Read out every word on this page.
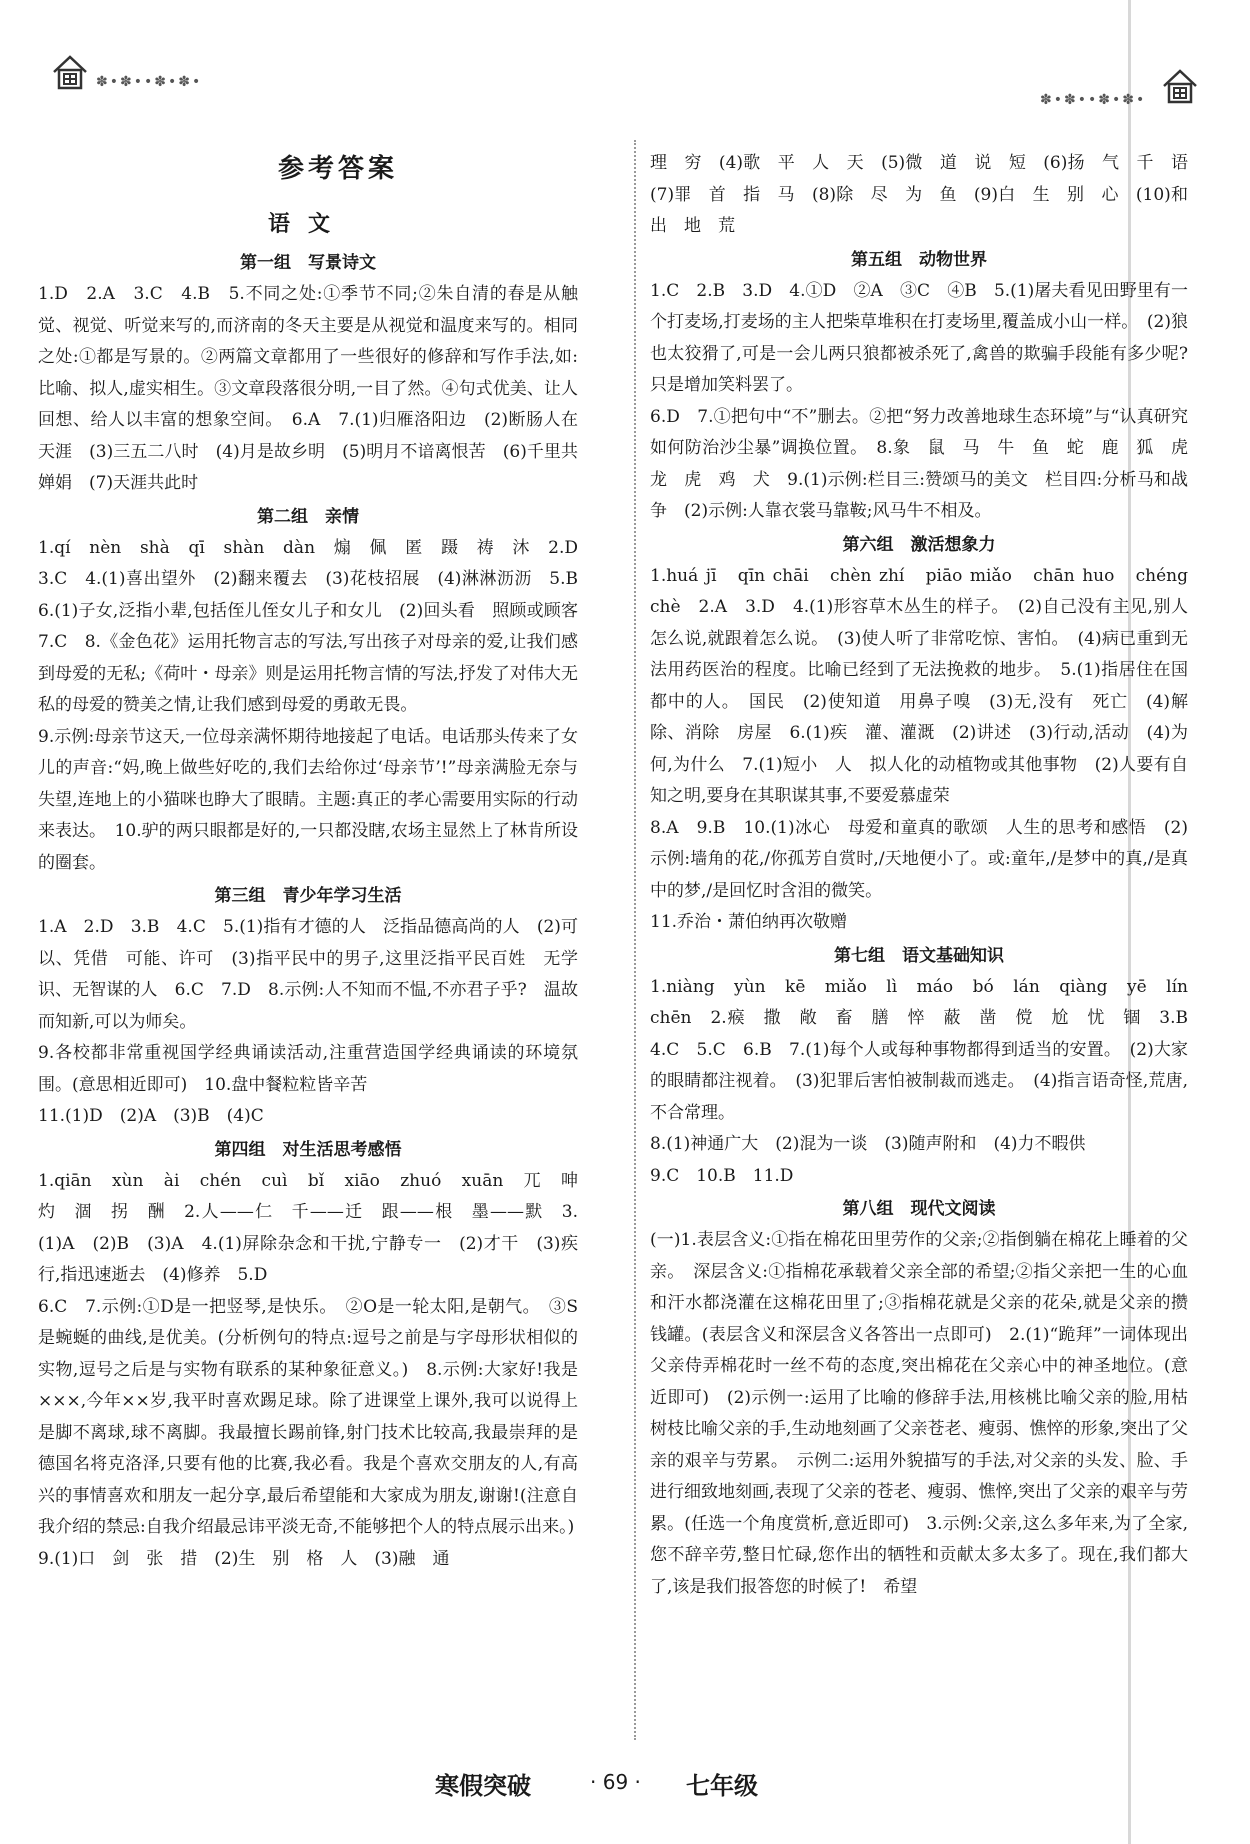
✽•✽••✽•✽•
✽•✽••✽•✽•
参考答案
语文
第一组　写景诗文
1.D　2.A　3.C　4.B　5.不同之处:①季节不同;②朱自清的春是从触觉、视觉、听觉来写的,而济南的冬天主要是从视觉和温度来写的。相同之处:①都是写景的。②两篇文章都用了一些很好的修辞和写作手法,如:比喻、拟人,虚实相生。③文章段落很分明,一目了然。④句式优美、让人回想、给人以丰富的想象空间。　6.A　7.(1)归雁洛阳边　(2)断肠人在天涯　(3)三五二八时　(4)月是故乡明　(5)明月不谙离恨苦　(6)千里共婵娟　(7)天涯共此时
第二组　亲情
1.qí　nèn　shà　qī　shàn　dàn　煽　佩　匿　蹑　祷　沐　2.D　3.C　4.(1)喜出望外　(2)翻来覆去　(3)花枝招展　(4)淋淋沥沥　5.B　6.(1)子女,泛指小辈,包括侄儿侄女儿子和女儿　(2)回头看　照顾或顾客　7.C　8.《金色花》运用托物言志的写法,写出孩子对母亲的爱,让我们感到母爱的无私;《荷叶・母亲》则是运用托物言情的写法,抒发了对伟大无私的母爱的赞美之情,让我们感到母爱的勇敢无畏。
9.示例:母亲节这天,一位母亲满怀期待地接起了电话。电话那头传来了女儿的声音:“妈,晚上做些好吃的,我们去给你过‘母亲节’!”母亲满脸无奈与失望,连地上的小猫咪也睁大了眼睛。主题:真正的孝心需要用实际的行动来表达。　10.驴的两只眼都是好的,一只都没瞎,农场主显然上了林肯所设的圈套。
第三组　青少年学习生活
1.A　2.D　3.B　4.C　5.(1)指有才德的人　泛指品德高尚的人　(2)可以、凭借　可能、许可　(3)指平民中的男子,这里泛指平民百姓　无学识、无智谋的人　6.C　7.D　8.示例:人不知而不愠,不亦君子乎?　温故而知新,可以为师矣。
9.各校都非常重视国学经典诵读活动,注重营造国学经典诵读的环境氛围。(意思相近即可)　10.盘中餐粒粒皆辛苦
11.(1)D　(2)A　(3)B　(4)C
第四组　对生活思考感悟
1.qiān　xùn　ài　chén　cuì　bǐ　xiāo　zhuó　xuān　兀　呻　灼　涸　拐　酬　2.人——仁　千——迁　跟——根　墨——默　3.(1)A　(2)B　(3)A　4.(1)屏除杂念和干扰,宁静专一　(2)才干　(3)疾行,指迅速逝去　(4)修养　5.D
6.C　7.示例:①D是一把竖琴,是快乐。　②O是一轮太阳,是朝气。　③S是蜿蜒的曲线,是优美。(分析例句的特点:逗号之前是与字母形状相似的实物,逗号之后是与实物有联系的某种象征意义。)　8.示例:大家好!我是×××,今年××岁,我平时喜欢踢足球。除了进课堂上课外,我可以说得上是脚不离球,球不离脚。我最擅长踢前锋,射门技术比较高,我最崇拜的是德国名将克洛泽,只要有他的比赛,我必看。我是个喜欢交朋友的人,有高兴的事情喜欢和朋友一起分享,最后希望能和大家成为朋友,谢谢!(注意自我介绍的禁忌:自我介绍最忌讳平淡无奇,不能够把个人的特点展示出来。)
9.(1)口　剑　张　措　(2)生　别　格　人　(3)融　通
理　穷　(4)歌　平　人　天　(5)微　道　说　短　(6)扬　气　千　语　(7)罪　首　指　马　(8)除　尽　为　鱼　(9)白　生　别　心　(10)和　出　地　荒
第五组　动物世界
1.C　2.B　3.D　4.①D　②A　③C　④B　5.(1)屠夫看见田野里有一个打麦场,打麦场的主人把柴草堆积在打麦场里,覆盖成小山一样。　(2)狼也太狡猾了,可是一会儿两只狼都被杀死了,禽兽的欺骗手段能有多少呢?只是增加笑料罢了。
6.D　7.①把句中“不”删去。②把“努力改善地球生态环境”与“认真研究如何防治沙尘暴”调换位置。　8.象　鼠　马　牛　鱼　蛇　鹿　狐　虎　龙　虎　鸡　犬　9.(1)示例:栏目三:赞颂马的美文　栏目四:分析马和战争　(2)示例:人靠衣裳马靠鞍;风马牛不相及。
第六组　激活想象力
1.huá jī　qīn chāi　chèn zhí　piāo miǎo　chān huo　chéng chè　2.A　3.D　4.(1)形容草木丛生的样子。　(2)自己没有主见,别人怎么说,就跟着怎么说。　(3)使人听了非常吃惊、害怕。　(4)病已重到无法用药医治的程度。比喻已经到了无法挽救的地步。　5.(1)指居住在国都中的人。　国民　(2)使知道　用鼻子嗅　(3)无,没有　死亡　(4)解除、消除　房屋　6.(1)疾　灌、灌溉　(2)讲述　(3)行动,活动　(4)为何,为什么　7.(1)短小　人　拟人化的动植物或其他事物　(2)人要有自知之明,要身在其职谋其事,不要爱慕虚荣
8.A　9.B　10.(1)冰心　母爱和童真的歌颂　人生的思考和感悟　(2)示例:墙角的花,/你孤芳自赏时,/天地便小了。或:童年,/是梦中的真,/是真中的梦,/是回忆时含泪的微笑。
11.乔治・萧伯纳再次敬赠
第七组　语文基础知识
1.niàng　yùn　kē　miǎo　lì　máo　bó　lán　qiàng　yē　lín　chēn　2.瘊　撒　敞　畜　膳　悴　蔽　凿　傥　尬　忧　锢　3.B　4.C　5.C　6.B　7.(1)每个人或每种事物都得到适当的安置。　(2)大家的眼睛都注视着。　(3)犯罪后害怕被制裁而逃走。　(4)指言语奇怪,荒唐,不合常理。
8.(1)神通广大　(2)混为一谈　(3)随声附和　(4)力不暇供
9.C　10.B　11.D
第八组　现代文阅读
(一)1.表层含义:①指在棉花田里劳作的父亲;②指倒躺在棉花上睡着的父亲。　深层含义:①指棉花承载着父亲全部的希望;②指父亲把一生的心血和汗水都浇灌在这棉花田里了;③指棉花就是父亲的花朵,就是父亲的攒钱罐。(表层含义和深层含义各答出一点即可)　2.(1)“跪拜”一词体现出父亲侍弄棉花时一丝不苟的态度,突出棉花在父亲心中的神圣地位。(意近即可)　(2)示例一:运用了比喻的修辞手法,用核桃比喻父亲的脸,用枯树枝比喻父亲的手,生动地刻画了父亲苍老、瘦弱、憔悴的形象,突出了父亲的艰辛与劳累。　示例二:运用外貌描写的手法,对父亲的头发、脸、手进行细致地刻画,表现了父亲的苍老、瘦弱、憔悴,突出了父亲的艰辛与劳累。(任选一个角度赏析,意近即可)　3.示例:父亲,这么多年来,为了全家,您不辞辛劳,整日忙碌,您作出的牺牲和贡献太多太多了。现在,我们都大了,该是我们报答您的时候了!　希望
寒假突破	· 69 · 七年级
